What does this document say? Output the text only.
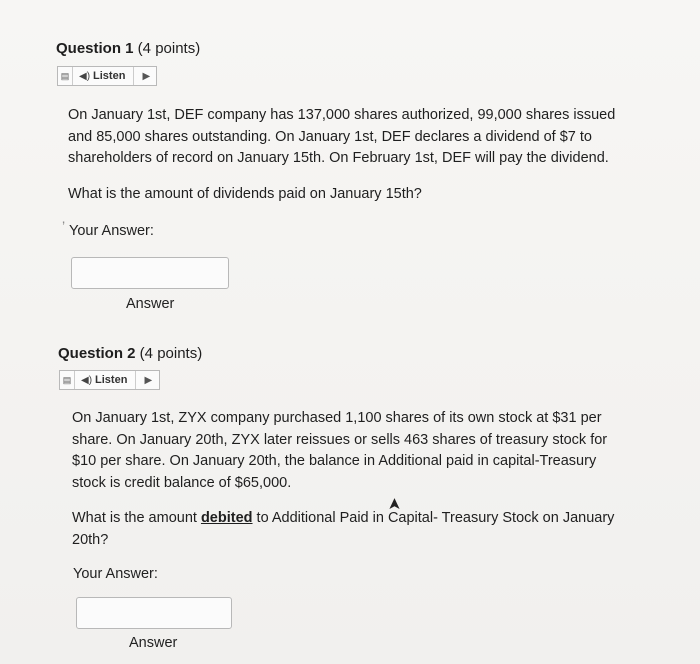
Question 1 (4 points)
▤ ◀) Listen ▶

On January 1st, DEF company has 137,000 shares authorized, 99,000 shares issued

and 85,000 shares outstanding. On January 1st, DEF declares a dividend of $7 to

shareholders of record on January 15th. On February 1st, DEF will pay the dividend.

What is the amount of dividends paid on January 15th?

’ Your Answer:
Answer
Question 2 (4 points)
▤ ◀) Listen ▶

On January 1st, ZYX company purchased 1,100 shares of its own stock at $31 per

share. On January 20th, ZYX later reissues or sells 463 shares of treasury stock for

$10 per share. On January 20th, the balance in Additional paid in capital-Treasury

stock is credit balance of $65,000.

➤

What is the amount debited to Additional Paid in Capital- Treasury Stock on January

20th?

Your Answer:
Answer
